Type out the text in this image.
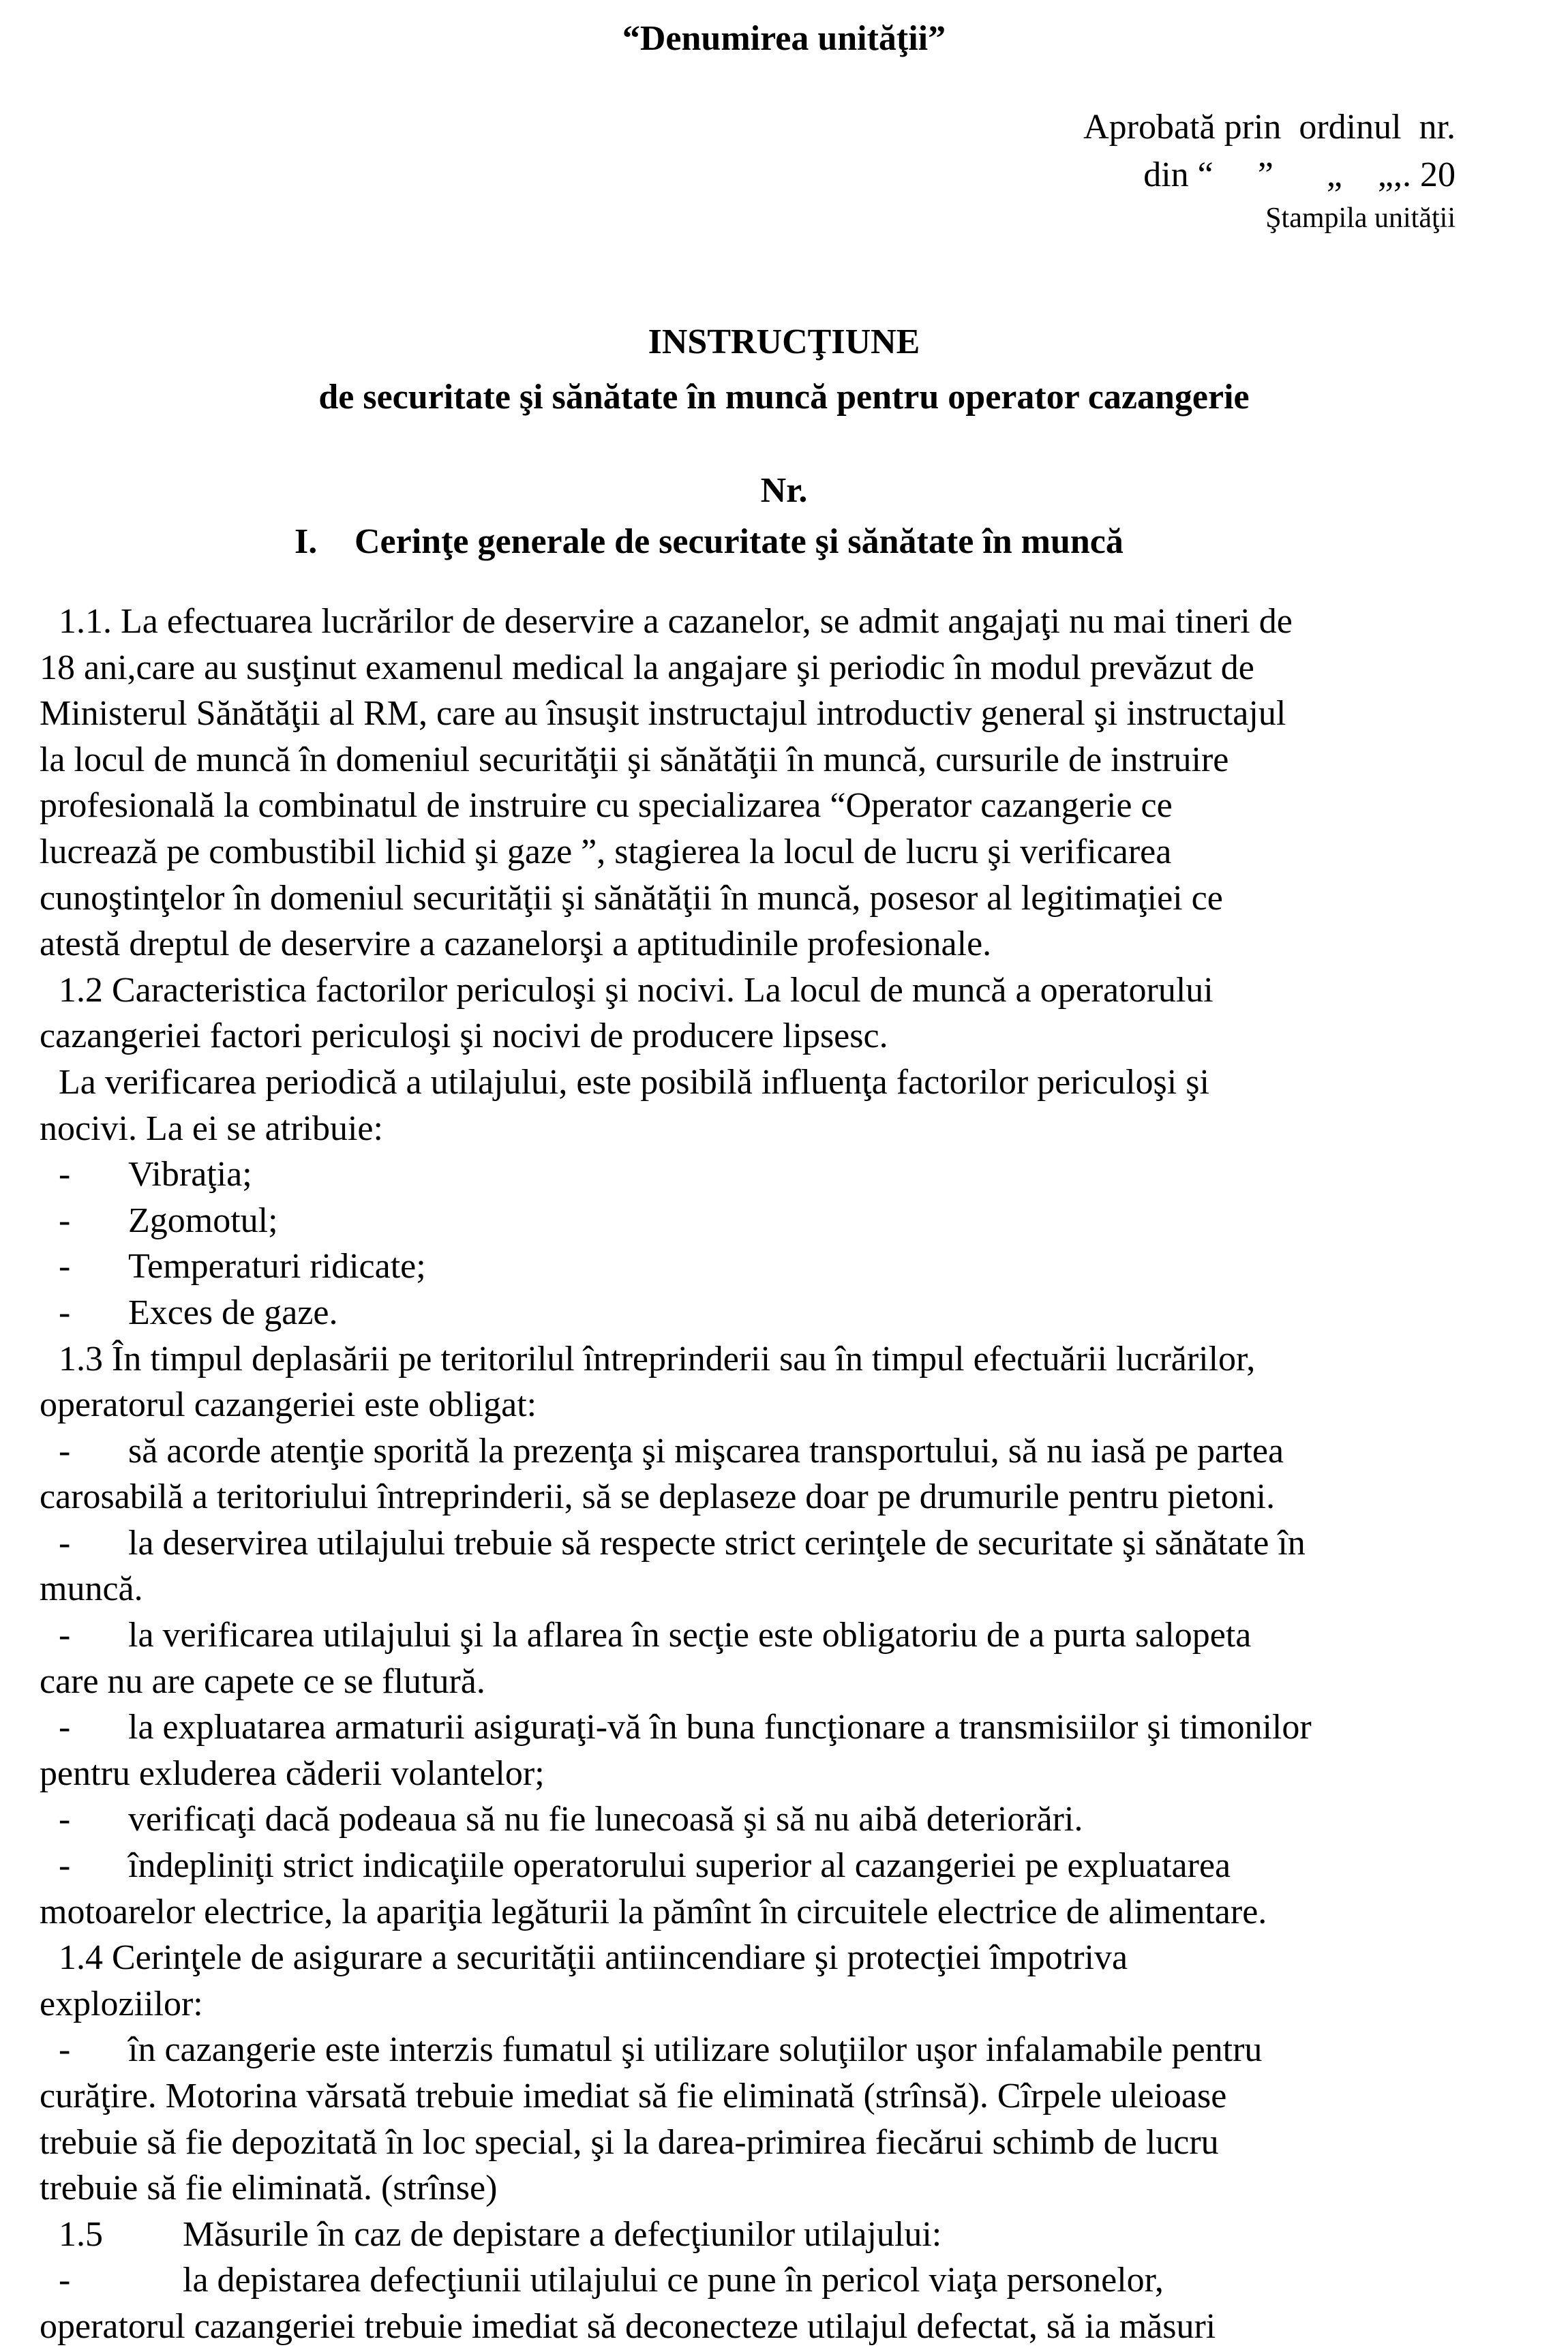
“Denumirea unităţii”
Aprobată prin  ordinul  nr.
din “     ”      „    „,. 20
Ştampila unităţii
INSTRUCŢIUNE
de securitate şi sănătate în muncă pentru operator cazangerie
Nr.
I. Cerinţe generale de securitate şi sănătate în muncă
1.1. La efectuarea lucrărilor de deservire a cazanelor, se admit angajaţi nu mai tineri de
18 ani,care au susţinut examenul medical la angajare şi periodic în modul prevăzut de
Ministerul Sănătăţii al RM, care au însuşit instructajul introductiv general şi instructajul
la locul de muncă în domeniul securităţii şi sănătăţii în muncă, cursurile de instruire
profesională la combinatul de instruire cu specializarea “Operator cazangerie ce
lucrează pe combustibil lichid şi gaze ”, stagierea la locul de lucru şi verificarea
cunoştinţelor în domeniul securităţii şi sănătăţii în muncă, posesor al legitimaţiei ce
atestă dreptul de deservire a cazanelorşi a aptitudinile profesionale.
1.2 Caracteristica factorilor periculoşi şi nocivi. La locul de muncă a operatorului
cazangeriei factori periculoşi şi nocivi de producere lipsesc.
La verificarea periodică a utilajului, este posibilă influenţa factorilor periculoşi şi
nocivi. La ei se atribuie:
- Vibraţia;
- Zgomotul;
- Temperaturi ridicate;
- Exces de gaze.
1.3 În timpul deplasării pe teritorilul întreprinderii sau în timpul efectuării lucrărilor,
operatorul cazangeriei este obligat:
- să acorde atenţie sporită la prezenţa şi mişcarea transportului, să nu iasă pe partea
carosabilă a teritoriului întreprinderii, să se deplaseze doar pe drumurile pentru pietoni.
- la deservirea utilajului trebuie să respecte strict cerinţele de securitate şi sănătate în
muncă.
- la verificarea utilajului şi la aflarea în secţie este obligatoriu de a purta salopeta
care nu are capete ce se flutură.
- la expluatarea armaturii asiguraţi-vă în buna funcţionare a transmisiilor şi timonilor
pentru exluderea căderii volantelor;
- verificaţi dacă podeaua să nu fie lunecoasă şi să nu aibă deteriorări.
- îndepliniţi strict indicaţiile operatorului superior al cazangeriei pe expluatarea
motoarelor electrice, la apariţia legăturii la pămînt în circuitele electrice de alimentare.
1.4 Cerinţele de asigurare a securităţii antiincendiare şi protecţiei împotriva
exploziilor:
- în cazangerie este interzis fumatul şi utilizare soluţiilor uşor infalamabile pentru
curăţire. Motorina vărsată trebuie imediat să fie eliminată (strînsă). Cîrpele uleioase
trebuie să fie depozitată în loc special, şi la darea-primirea fiecărui schimb de lucru
trebuie să fie eliminată. (strînse)
1.5 Măsurile în caz de depistare a defecţiunilor utilajului:
-	la depistarea defecţiunii utilajului ce pune în pericol viaţa personelor,
operatorul cazangeriei trebuie imediat să deconecteze utilajul defectat, să ia măsuri
